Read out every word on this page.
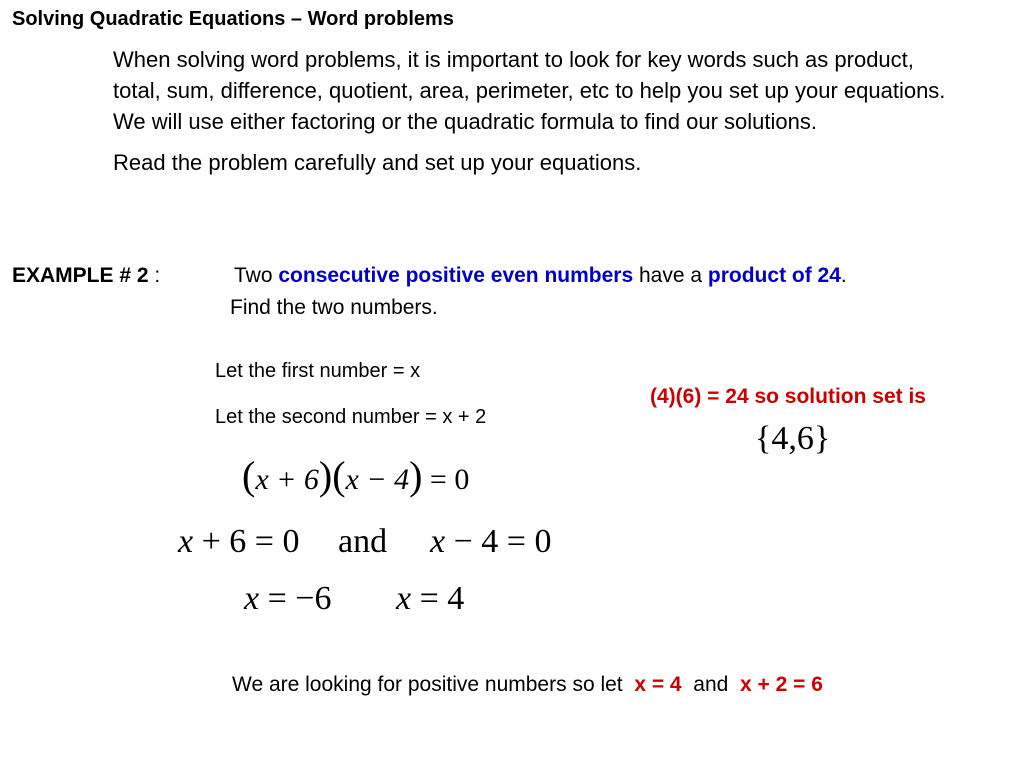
Solving Quadratic Equations – Word problems

When solving word problems, it is important to look for key words such as product, total, sum, difference, quotient, area, perimeter, etc to help you set up your equations. We will use either factoring or the quadratic formula to find our solutions.

Read the problem carefully and set up your equations.

EXAMPLE # 2 :	Two consecutive positive even numbers have a product of 24.
Find the two numbers.
Let the first number = x
Let the second number = x + 2
(x + 6)(x − 4) = 0
x + 6 = 0 and x − 4 = 0
x = −6 x = 4
(4)(6) = 24 so solution set is
{4,6}
We are looking for positive numbers so let x = 4 and x + 2 = 6
